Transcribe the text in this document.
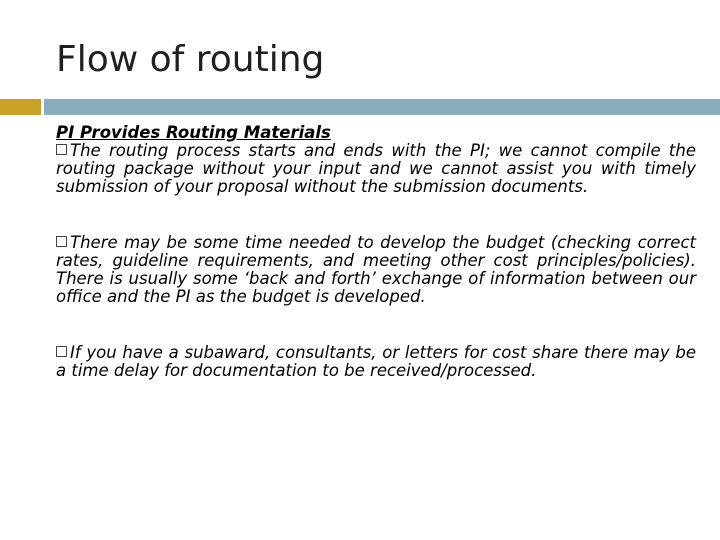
Flow of routing
PI Provides Routing Materials

The routing process starts and ends with the PI; we cannot compile the routing package without your input and we cannot assist you with timely submission of your proposal without the submission documents.

There may be some time needed to develop the budget (checking correct rates, guideline requirements, and meeting other cost principles/policies). There is usually some ‘back and forth’ exchange of information between our office and the PI as the budget is developed.

If you have a subaward, consultants, or letters for cost share there may be a time delay for documentation to be received/processed.
